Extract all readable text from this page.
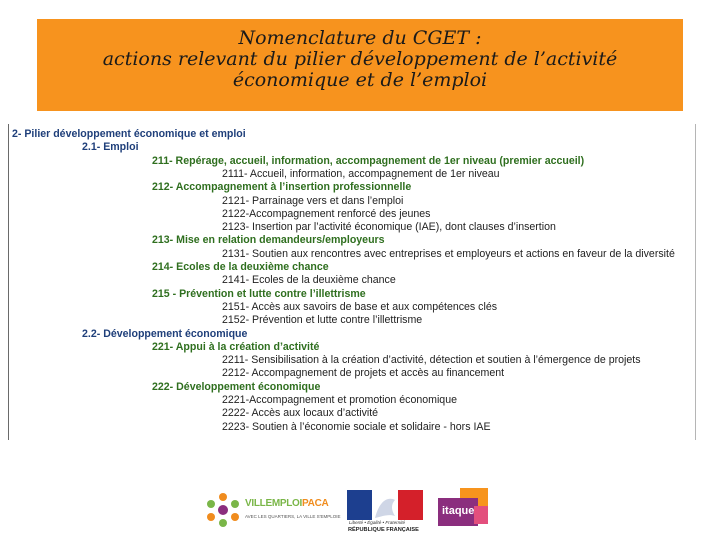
Nomenclature du CGET :
actions relevant du pilier développement de l’activité
économique et de l’emploi
2- Pilier développement économique et emploi
2.1- Emploi
211- Repérage, accueil, information, accompagnement de 1er niveau (premier accueil)
2111- Accueil, information, accompagnement de 1er niveau
212- Accompagnement à l’insertion professionnelle
2121- Parrainage vers et dans l’emploi
2122-Accompagnement renforcé des jeunes
2123- Insertion par l’activité économique (IAE), dont clauses d’insertion
213- Mise en relation demandeurs/employeurs
2131- Soutien aux rencontres avec entreprises et employeurs et actions en faveur de la diversité
214- Ecoles de la deuxième chance
2141- Ecoles de la deuxième chance
215 - Prévention et lutte contre l’illettrisme
2151- Accès aux savoirs de base et aux compétences clés
2152- Prévention et lutte contre l’illettrisme
2.2- Développement économique
221- Appui à la création d’activité
2211- Sensibilisation à la création d’activité, détection et soutien à l’émergence de projets
2212- Accompagnement de projets et accès au financement
222- Développement économique
2221-Accompagnement et promotion économique
2222- Accès aux locaux d’activité
2223- Soutien à l’économie sociale et solidaire - hors IAE
VILLEMPLOIPACA
AVEC LES QUARTIERS, LA VILLE S'EMPLOIE
Liberté • Égalité • Fraternité
RÉPUBLIQUE FRANÇAISE
itaque
